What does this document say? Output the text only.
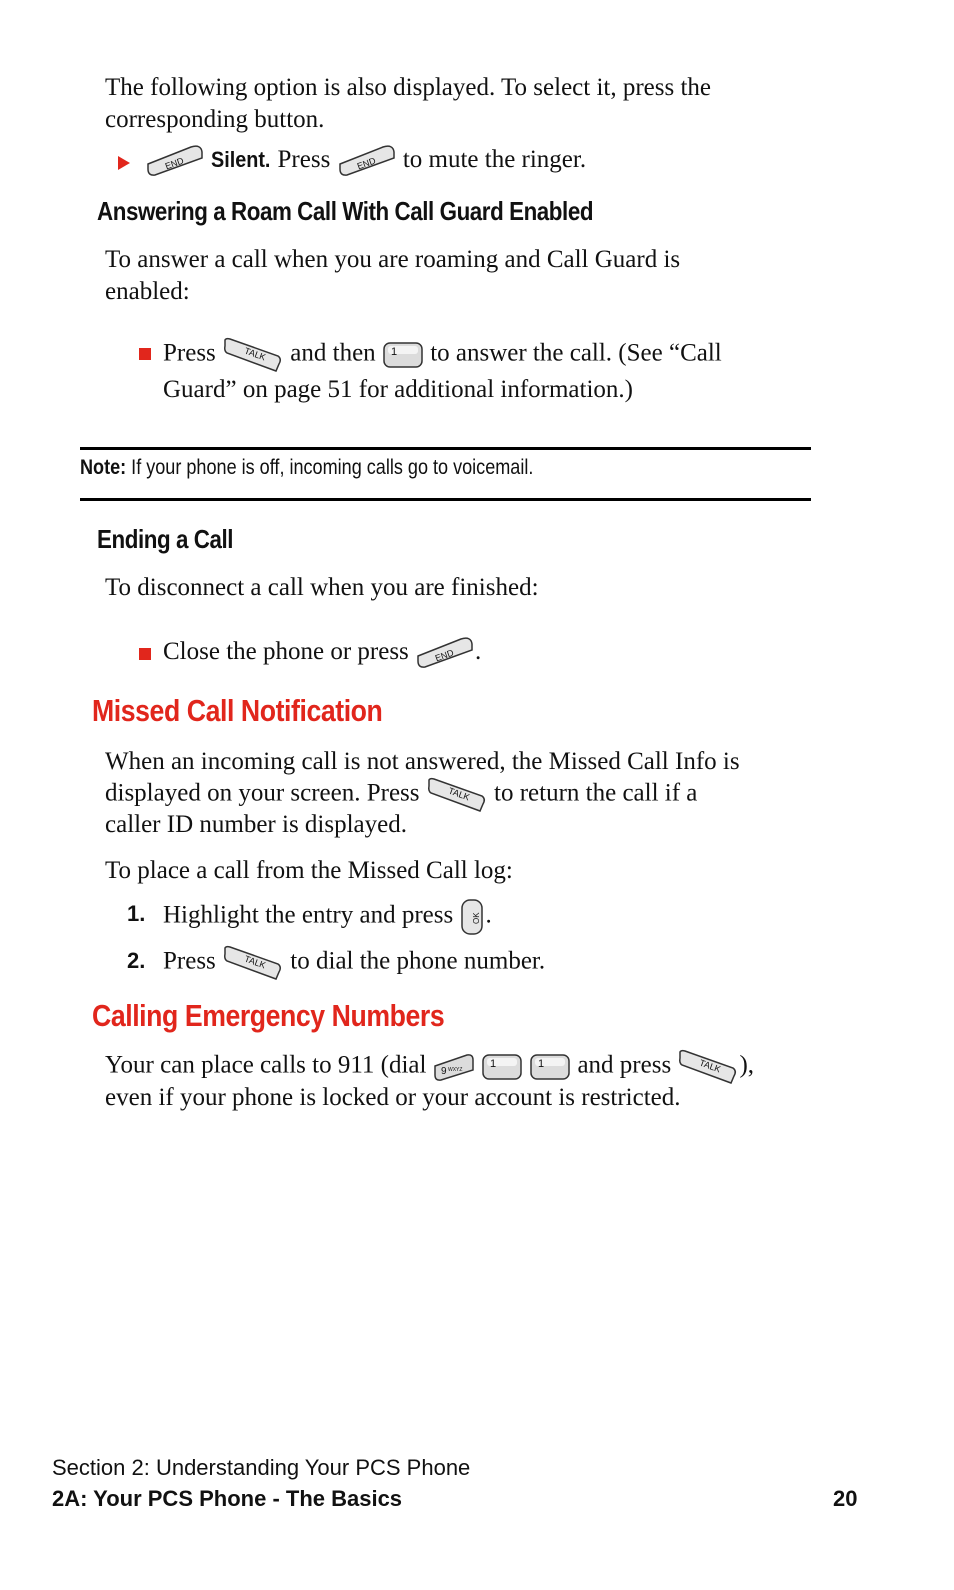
The following option is also displayed. To select it, press the
corresponding button.
END Silent. Press	END to mute the ringer.
Answering a Roam Call With Call Guard Enabled
To answer a call when you are roaming and Call Guard is
enabled:
Press	TALK and then 1 to answer the call. (See “Call
Guard” on page 51 for additional information.)
Note: If your phone is off, incoming calls go to voicemail.
Ending a Call
To disconnect a call when you are finished:
Close the phone or press	END .
Missed Call Notification
When an incoming call is not answered, the Missed Call Info is
displayed on your screen. Press	TALK to return the call if a
caller ID number is displayed.
To place a call from the Missed Call log:
1. Highlight the entry and press OK .
2. Press	TALK to dial the phone number.
Calling Emergency Numbers
Your can place calls to 911 (dial 9 WXYZ
	1
	1 and press	TALK ),
even if your phone is locked or your account is restricted.
Section 2: Understanding Your PCS Phone
2A: Your PCS Phone - The Basics	20
